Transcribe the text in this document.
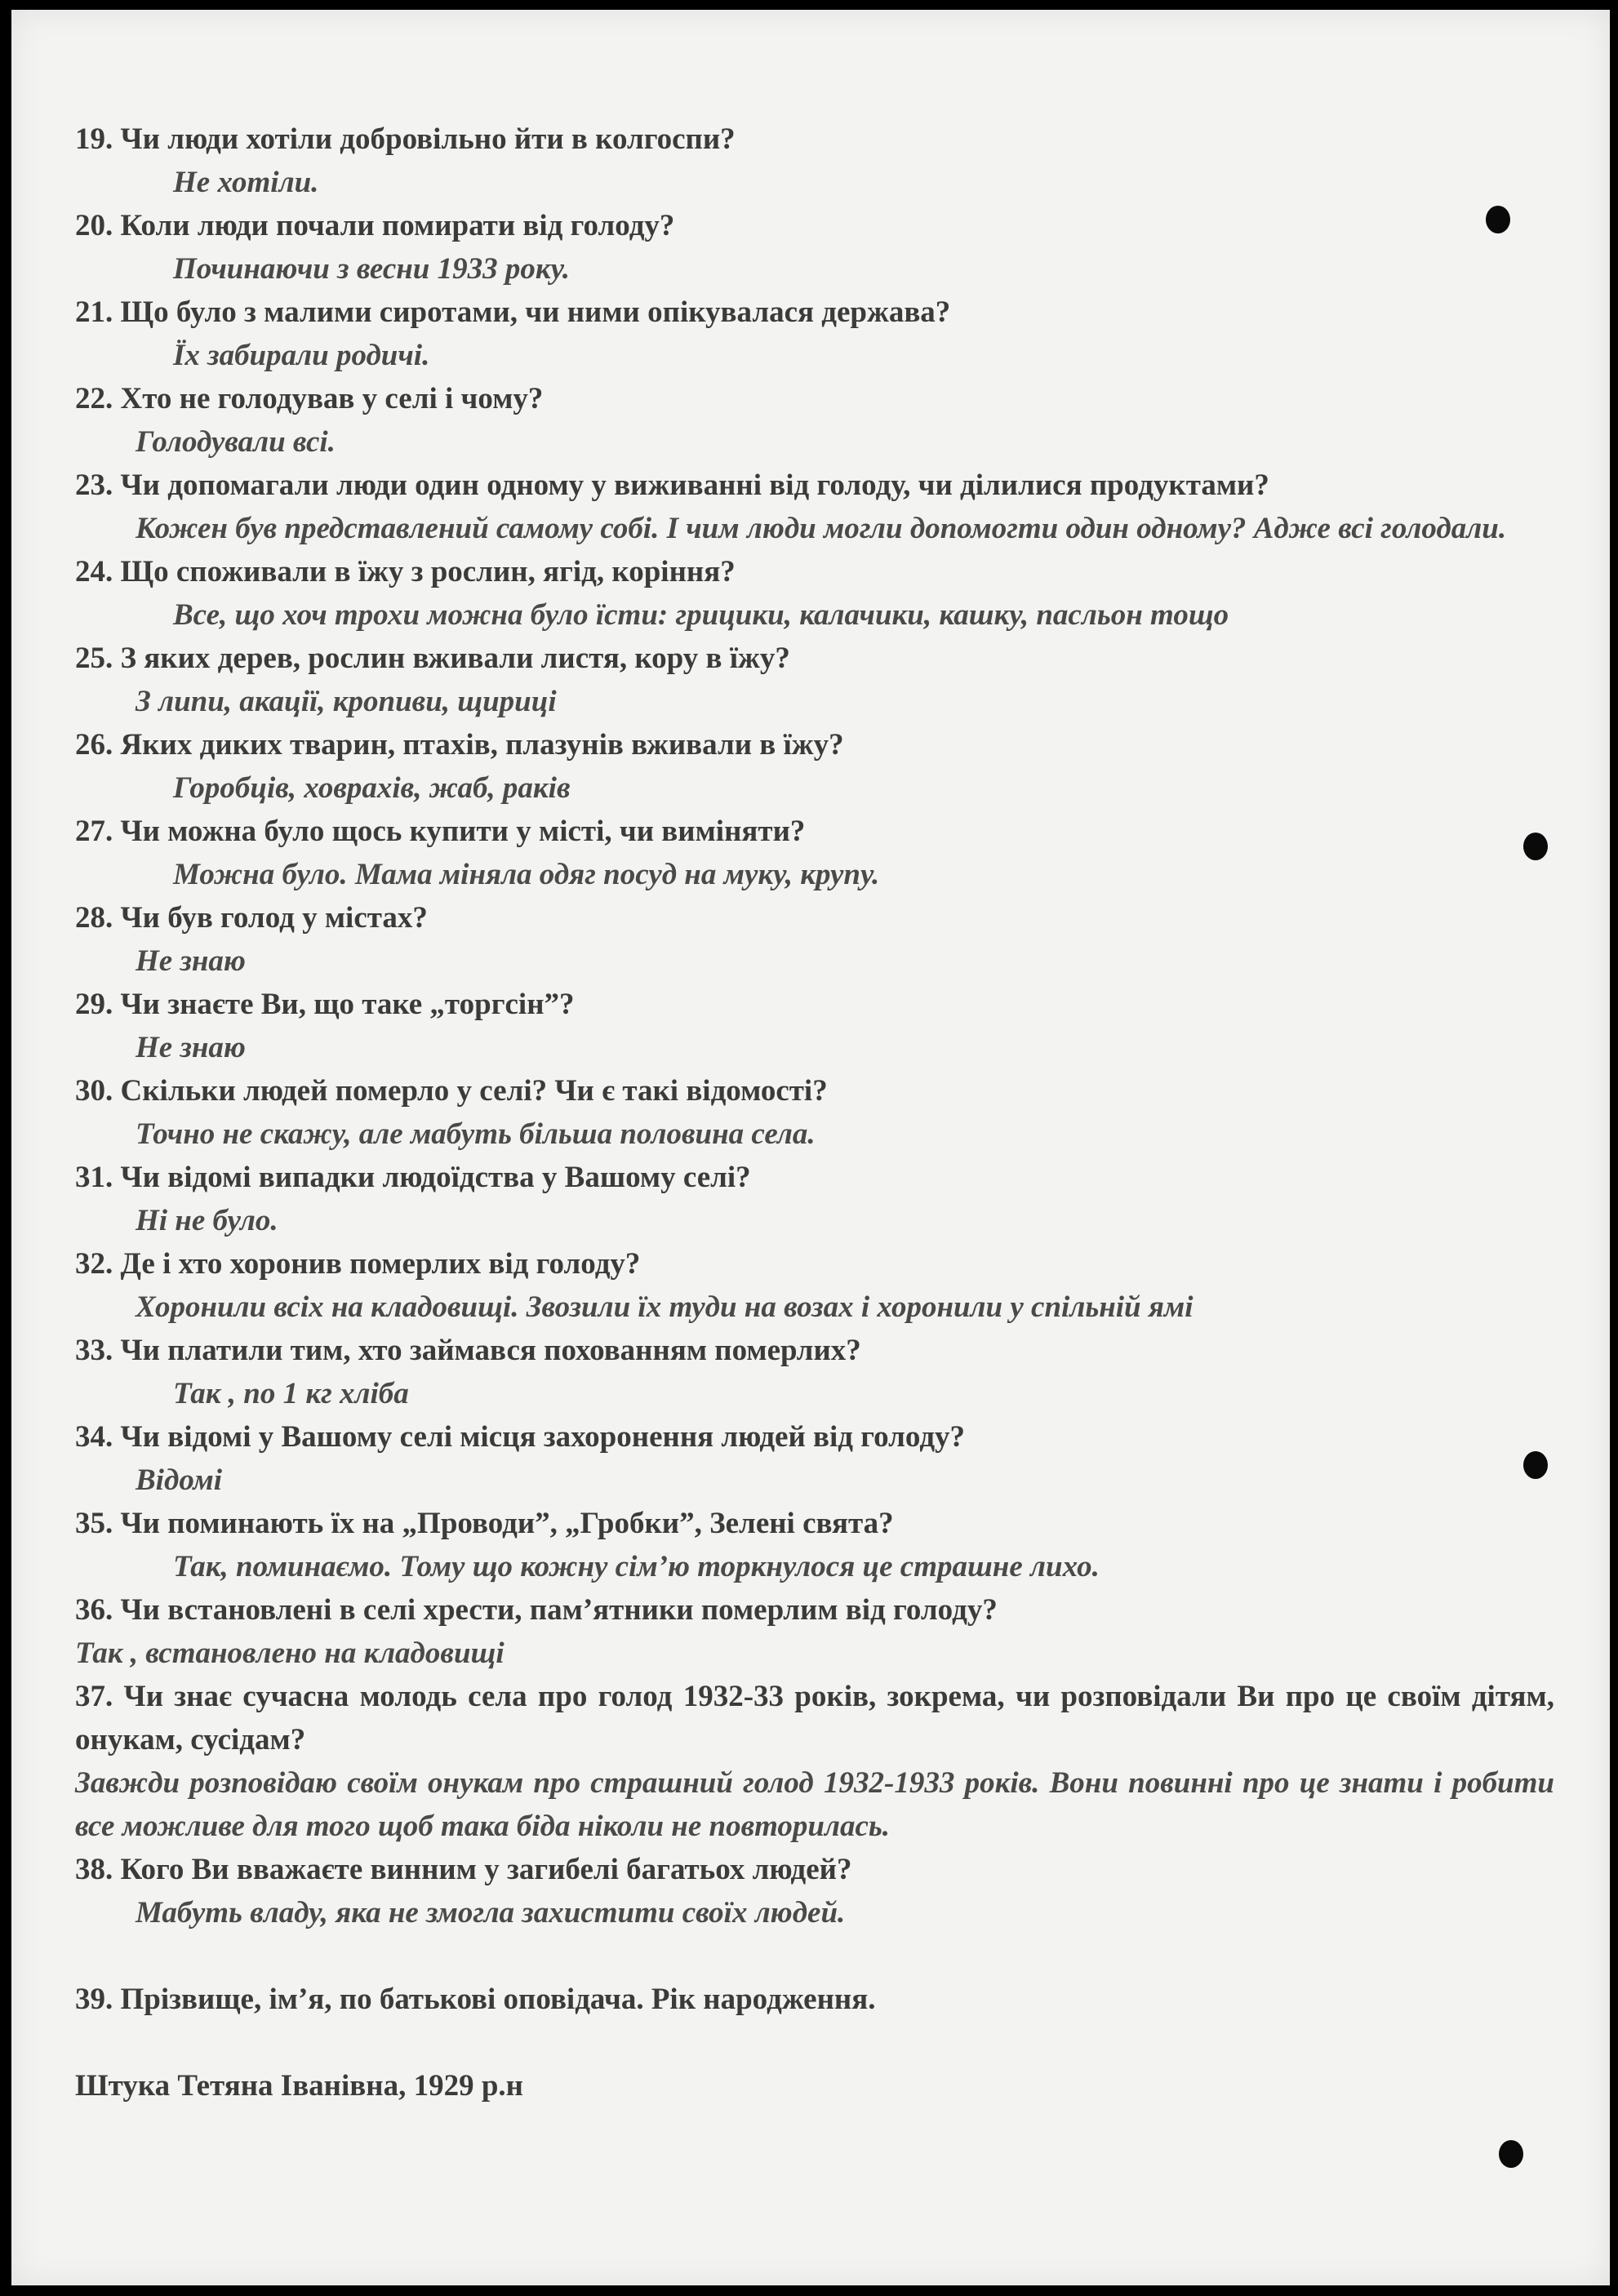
19. Чи люди хотіли добровільно йти в колгоспи?

Не хотіли.

20. Коли люди почали помирати від голоду?

Починаючи з весни 1933 року.

21. Що було з малими сиротами, чи ними опікувалася держава?

Їх забирали родичі.

22. Хто не голодував у селі і чому?

Голодували всі.

23. Чи допомагали люди один одному у виживанні від голоду, чи ділилися продуктами?

Кожен був представлений самому собі. І чим люди могли допомогти один одному? Адже всі голодали.

24. Що споживали в їжу з рослин, ягід, коріння?

Все, що хоч трохи можна було їсти: грицики, калачики, кашку, пасльон тощо

25. З яких дерев, рослин вживали листя, кору в їжу?

З липи, акації, кропиви, щириці

26. Яких диких тварин, птахів, плазунів вживали в їжу?

Горобців, ховрахів, жаб, раків

27. Чи можна було щось купити у місті, чи виміняти?

Можна було. Мама міняла одяг посуд на муку, крупу.

28. Чи був голод у містах?

Не знаю

29. Чи знаєте Ви, що таке „торгсін”?

Не знаю

30. Скільки людей померло у селі? Чи є такі відомості?

Точно не скажу, але мабуть більша половина села.

31. Чи відомі випадки людоїдства у Вашому селі?

Ні не було.

32. Де і хто хоронив померлих від голоду?

Хоронили всіх на кладовищі. Звозили їх туди на возах і хоронили у спільній ямі

33. Чи платили тим, хто займався похованням померлих?

Так , по 1 кг хліба

34. Чи відомі у Вашому селі місця захоронення людей від голоду?

Відомі

35. Чи поминають їх на „Проводи”, „Гробки”, Зелені свята?

Так, поминаємо. Тому що кожну сім’ю торкнулося це страшне лихо.

36. Чи встановлені в селі хрести, пам’ятники померлим від голоду?

Так , встановлено на кладовищі

37. Чи знає сучасна молодь села про голод 1932-33 років, зокрема, чи розповідали Ви про це своїм дітям, онукам, сусідам?

Завжди розповідаю своїм онукам про страшний голод 1932-1933 років. Вони повинні про це знати і робити все можливе для того щоб така біда ніколи не повторилась.

38. Кого Ви вважаєте винним у загибелі багатьох людей?

Мабуть владу, яка не змогла захистити своїх людей.

39. Прізвище, ім’я, по батькові оповідача. Рік народження.

Штука Тетяна Іванівна, 1929 р.н
